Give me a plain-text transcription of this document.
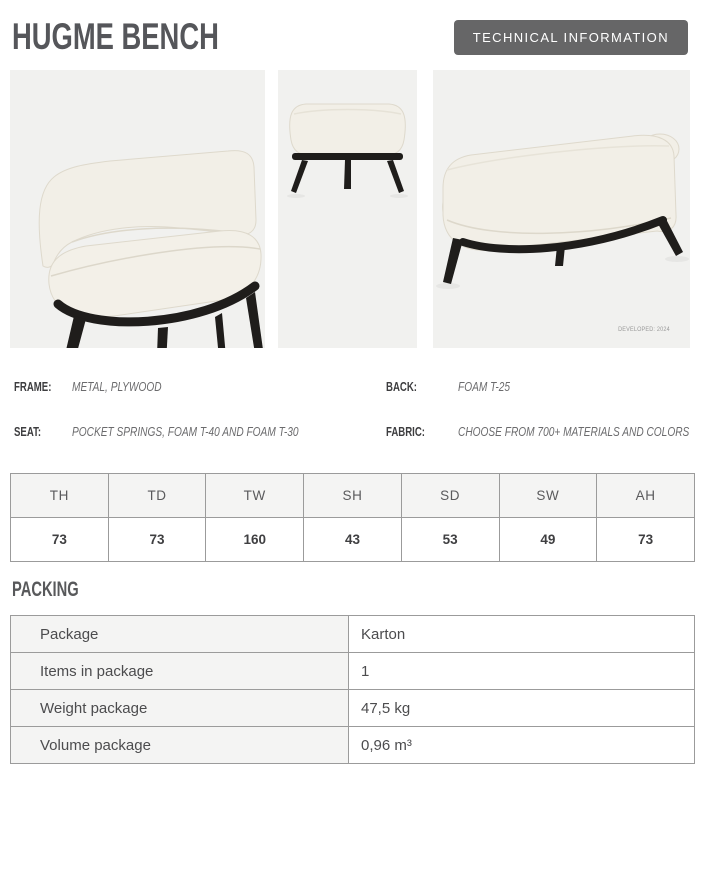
HUGME BENCH	TECHNICAL INFORMATION
DEVELOPED: 2024
FRAME:	METAL, PLYWOOD	BACK:	FOAM T-25
SEAT:	POCKET SPRINGS, FOAM T-40 AND FOAM T-30	FABRIC:	CHOOSE FROM 700+ MATERIALS AND COLORS
TH	TD	TW	SH	SD	SW	AH
73	73	160	43	53	49	73
PACKING
Package	Karton
Items in package	1
Weight package	47,5 kg
Volume package	0,96 m³
